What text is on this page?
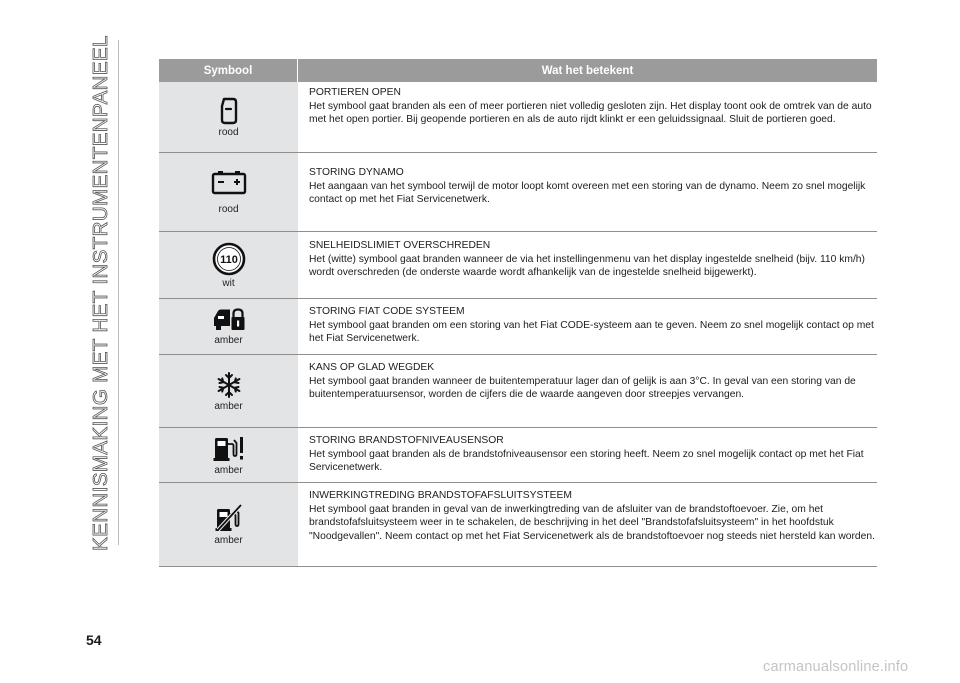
KENNISMAKING MET HET INSTRUMENTENPANEEL	Symbool	Wat het betekent
rood
PORTIEREN OPEN
Het symbool gaat branden als een of meer portieren niet volledig gesloten zijn. Het display toont ook de omtrek van de auto met het open portier. Bij geopende portieren en als de auto rijdt klinkt er een geluidssignaal. Sluit de portieren goed.
rood
STORING DYNAMO
Het aangaan van het symbool terwijl de motor loopt komt overeen met een storing van de dynamo. Neem zo snel mogelijk contact op met het Fiat Servicenetwerk.
110
wit
SNELHEIDSLIMIET OVERSCHREDEN
Het (witte) symbool gaat branden wanneer de via het instellingenmenu van het display ingestelde snelheid (bijv. 110 km/h) wordt overschreden (de onderste waarde wordt afhankelijk van de ingestelde snelheid bijgewerkt).
amber
STORING FIAT CODE SYSTEEM
Het symbool gaat branden om een storing van het Fiat CODE-systeem aan te geven. Neem zo snel mogelijk contact op met het Fiat Servicenetwerk.
amber
KANS OP GLAD WEGDEK
Het symbool gaat branden wanneer de buitentemperatuur lager dan of gelijk is aan 3°C. In geval van een storing van de buitentemperatuursensor, worden de cijfers die de waarde aangeven door streepjes vervangen.
amber
STORING BRANDSTOFNIVEAUSENSOR
Het symbool gaat branden als de brandstofniveausensor een storing heeft. Neem zo snel mogelijk contact op met het Fiat Servicenetwerk.
amber
INWERKINGTREDING BRANDSTOFAFSLUITSYSTEEM
Het symbool gaat branden in geval van de inwerkingtreding van de afsluiter van de brandstoftoevoer. Zie, om het brandstofafsluitsysteem weer in te schakelen, de beschrijving in het deel "Brandstofafsluitsysteem" in het hoofdstuk "Noodgevallen". Neem contact op met het Fiat Servicenetwerk als de brandstoftoevoer nog steeds niet hersteld kan worden.
54
carmanualsonline.info
